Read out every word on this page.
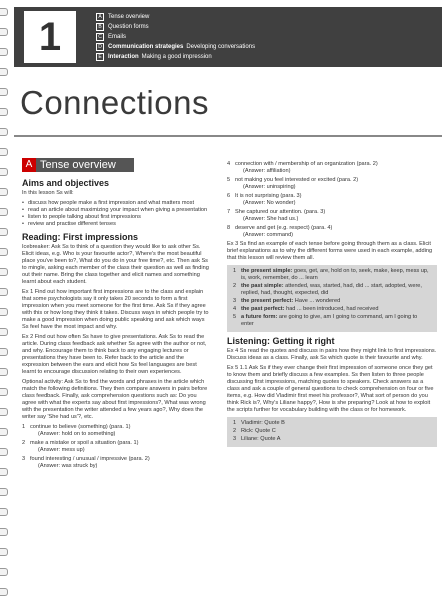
1	A	Tense overview
B	Question forms
C	Emails
D	Communication strategies Developing conversations
E	Interaction Making a good impression
Connections
A Tense overview
Aims and objectives

In this lesson Ss will:

• discuss how people make a first impression and what matters most
• read an article about maximizing your impact when giving a presentation
• listen to people talking about first impressions
• review and practise different tenses
Reading: First impressions

Icebreaker: Ask Ss to think of a question they would like to ask other Ss. Elicit ideas, e.g. Who is your favourite actor?, Where's the most beautiful place you've been to?, What do you do in your free time?, etc. Then ask Ss to mingle, asking each member of the class their question as well as finding out their name. Bring the class together and elicit names and something learnt about each student.

Ex 1 Find out how important first impressions are to the class and explain that some psychologists say it only takes 20 seconds to form a first impression when you meet someone for the first time. Ask Ss if they agree with this or how long they think it takes. Discuss ways in which people try to make a good impression when doing public speaking and ask which ways Ss feel have the most impact and why.

Ex 2 Find out how often Ss have to give presentations. Ask Ss to read the article. During class feedback ask whether Ss agree with the author or not, and why. Encourage them to think back to any engaging lectures or presentations they have been to. Refer back to the article and the expression between the ears and elicit how Ss feel languages are best learnt to encourage discussion relating to their own experiences.

Optional activity: Ask Ss to find the words and phrases in the article which match the following definitions. They then compare answers in pairs before class feedback. Finally, ask comprehension questions such as: Do you agree with what the experts say about first impressions?, What was wrong with the presentation the writer attended a few years ago?, Why does the writer say 'She had us'?, etc.

1 continue to believe (something) (para. 1)
(Answer: hold on to something)
2 make a mistake or spoil a situation (para. 1)
(Answer: mess up)
3 found interesting / unusual / impressive (para. 2)
(Answer: was struck by)
4 connection with / membership of an organization (para. 2)
(Answer: affiliation)
5 not making you feel interested or excited (para. 2)
(Answer: uninspiring)
6 It is not surprising (para. 3)
(Answer: No wonder)
7 She captured our attention. (para. 3)
(Answer: She had us.)
8 deserve and get (e.g. respect) (para. 4)
(Answer: command)

Ex 3 Ss find an example of each tense before going through them as a class. Elicit brief explanations as to why the different forms were used in each example, adding that this lesson will review them all.

1 the present simple: goes, get, are, hold on to, seek, make, keep, mess up, is, work, remember, do ... learn
2 the past simple: attended, was, started, had, did ... start, adopted, were, replied, had, thought, expected, did
3 the present perfect: Have ... wondered
4 the past perfect: had ... been introduced, had received
5 a future form: are going to give, am I going to command, am I going to enter
Listening: Getting it right

Ex 4 Ss read the quotes and discuss in pairs how they might link to first impressions. Discuss ideas as a class. Finally, ask Ss which quote is their favourite and why.

Ex 5 1.1 Ask Ss if they ever change their first impression of someone once they get to know them and briefly discuss a few examples. Ss then listen to three people discussing first impressions, matching quotes to speakers. Check answers as a class and ask a couple of general questions to check comprehension on four or five items, e.g. How did Vladimir first meet his professor?, What sort of person do you think Rick is?, Why's Liliane happy?, How is she preparing? Look at how to exploit the scripts further for vocabulary building with the class or for homework.

1 Vladimir: Quote B
2 Rick: Quote C
3 Liliane: Quote A
